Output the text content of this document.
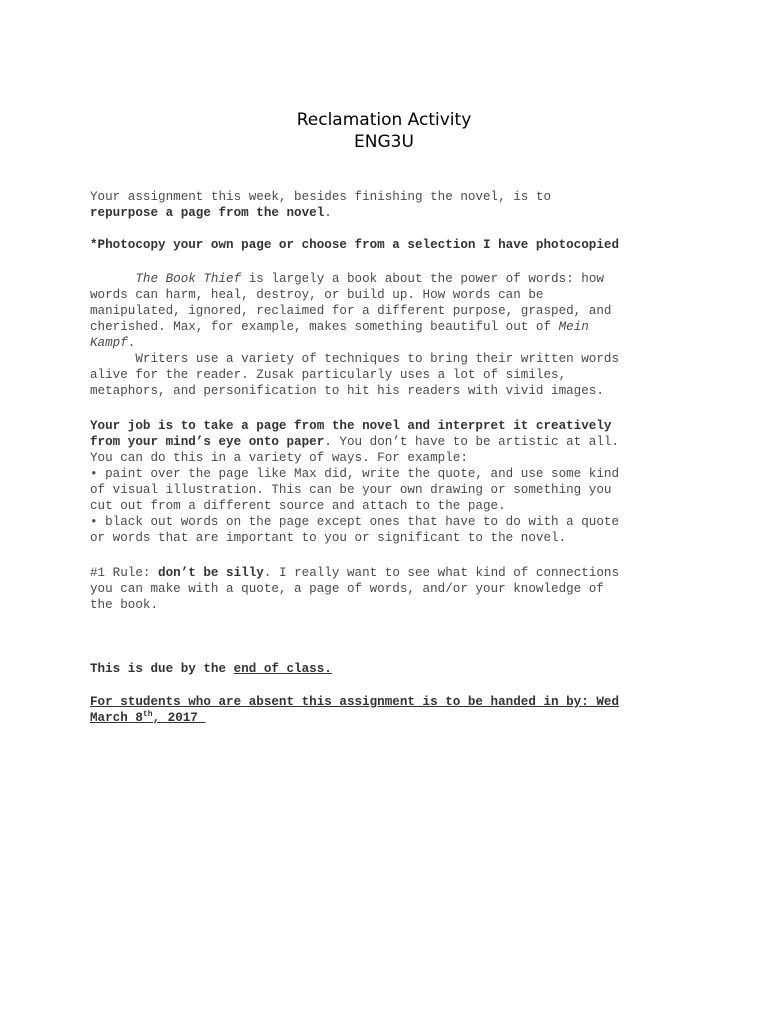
Reclamation Activity
ENG3U
Your assignment this week, besides finishing the novel, is to
repurpose a page from the novel.
*Photocopy your own page or choose from a selection I have photocopied
The Book Thief is largely a book about the power of words: how
words can harm, heal, destroy, or build up. How words can be
manipulated, ignored, reclaimed for a different purpose, grasped, and
cherished. Max, for example, makes something beautiful out of Mein
Kampf.
Writers use a variety of techniques to bring their written words
alive for the reader. Zusak particularly uses a lot of similes,
metaphors, and personification to hit his readers with vivid images.
Your job is to take a page from the novel and interpret it creatively
from your mind’s eye onto paper. You don’t have to be artistic at all.
You can do this in a variety of ways. For example:
• paint over the page like Max did, write the quote, and use some kind
of visual illustration. This can be your own drawing or something you
cut out from a different source and attach to the page.
• black out words on the page except ones that have to do with a quote
or words that are important to you or significant to the novel.
#1 Rule: don’t be silly. I really want to see what kind of connections
you can make with a quote, a page of words, and/or your knowledge of
the book.
This is due by the end of class.
For students who are absent this assignment is to be handed in by: Wed
March 8th, 2017
